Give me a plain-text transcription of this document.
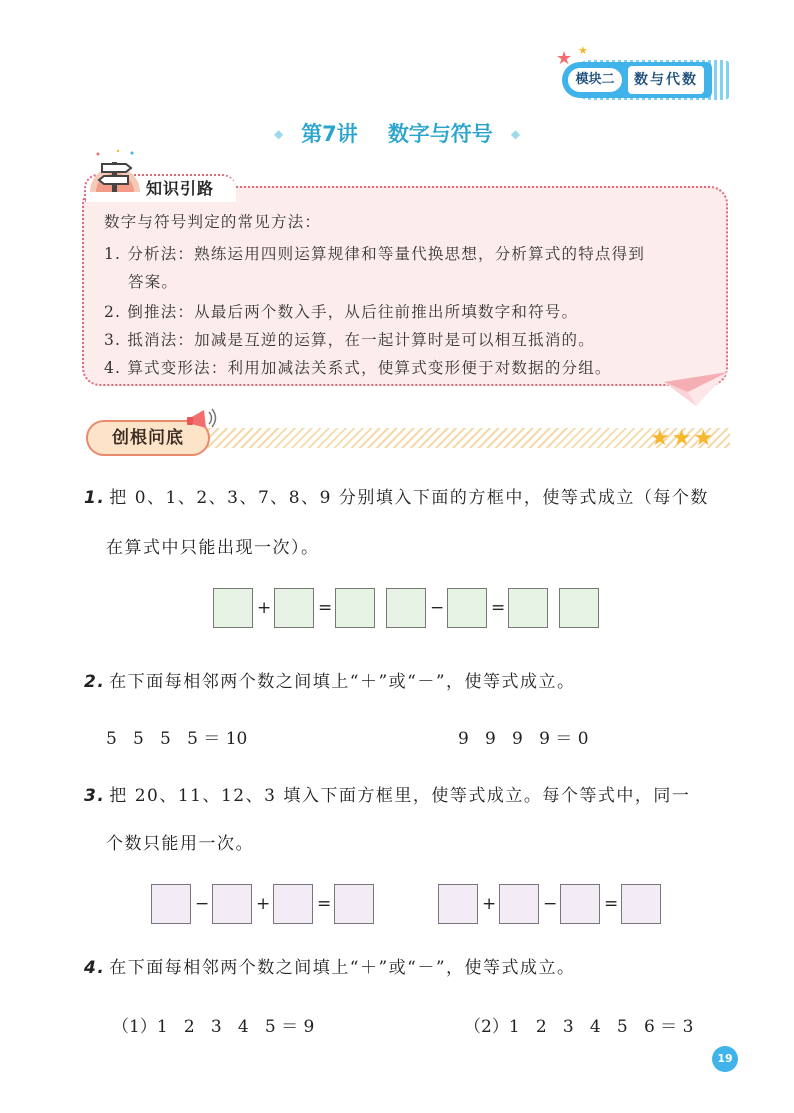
模块二	数与代数
★ ★
◆ 第7讲 数字与符号 ◆
知识引路
数字与符号判定的常见方法：
1. 分析法：熟练运用四则运算规律和等量代换思想，分析算式的特点得到
答案。
2. 倒推法：从最后两个数入手，从后往前推出所填数字和符号。
3. 抵消法：加减是互逆的运算，在一起计算时是可以相互抵消的。
4. 算式变形法：利用加减法关系式，使算式变形便于对数据的分组。
创根问底	★★★
1. 把 0、1、2、3、7、8、9 分别填入下面的方框中，使等式成立（每个数
在算式中只能出现一次）。
+	=	−	=
2. 在下面每相邻两个数之间填上“＋”或“－”，使等式成立。
5   5   5   5 ＝ 10	9   9   9   9 ＝ 0
3. 把 20、11、12、3 填入下面方框里，使等式成立。每个等式中，同一
个数只能用一次。
−	+	=	+	−	=
4. 在下面每相邻两个数之间填上“＋”或“－”，使等式成立。
（1）1   2   3   4   5 ＝ 9	（2）1   2   3   4   5   6 ＝ 3
19
